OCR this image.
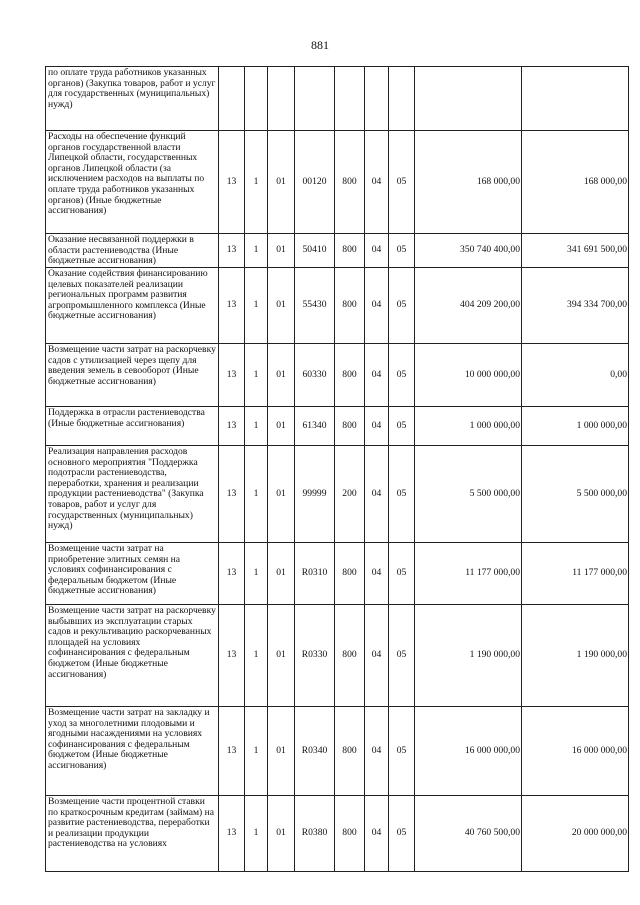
881
по оплате труда работников указанных органов) (Закупка товаров, работ и услуг для государственных (муниципальных) нужд)									
Расходы на обеспечение функций органов государственной власти Липецкой области, государственных органов Липецкой области (за исключением расходов на выплаты по оплате труда работников указанных органов) (Иные бюджетные ассигнования)	13	1	01	00120	800	04	05	168 000,00	168 000,00
Оказание несвязанной поддержки в области растениеводства (Иные бюджетные ассигнования)	13	1	01	50410	800	04	05	350 740 400,00	341 691 500,00
Оказание содействия финансированию целевых показателей реализации региональных программ развития агропромышленного комплекса (Иные бюджетные ассигнования)	13	1	01	55430	800	04	05	404 209 200,00	394 334 700,00
Возмещение части затрат на раскорчевку садов с утилизацией через щепу для введения земель в севооборот (Иные бюджетные ассигнования)	13	1	01	60330	800	04	05	10 000 000,00	0,00
Поддержка в отрасли растениеводства (Иные бюджетные ассигнования)	13	1	01	61340	800	04	05	1 000 000,00	1 000 000,00
Реализация направления расходов основного мероприятия "Поддержка подотрасли растениеводства, переработки, хранения и реализации продукции растениеводства" (Закупка товаров, работ и услуг для государственных (муниципальных) нужд)	13	1	01	99999	200	04	05	5 500 000,00	5 500 000,00
Возмещение части затрат на приобретение элитных семян на условиях софинансирования с федеральным бюджетом (Иные бюджетные ассигнования)	13	1	01	R0310	800	04	05	11 177 000,00	11 177 000,00
Возмещение части затрат на раскорчевку выбывших из эксплуатации старых садов и рекультивацию раскорчеванных площадей на условиях софинансирования с федеральным бюджетом (Иные бюджетные ассигнования)	13	1	01	R0330	800	04	05	1 190 000,00	1 190 000,00
Возмещение части затрат на закладку и уход за многолетними плодовыми и ягодными насаждениями на условиях софинансирования с федеральным бюджетом (Иные бюджетные ассигнования)	13	1	01	R0340	800	04	05	16 000 000,00	16 000 000,00
Возмещение части процентной ставки по краткосрочным кредитам (займам) на развитие растениеводства, переработки и реализации продукции растениеводства на условиях	13	1	01	R0380	800	04	05	40 760 500,00	20 000 000,00
